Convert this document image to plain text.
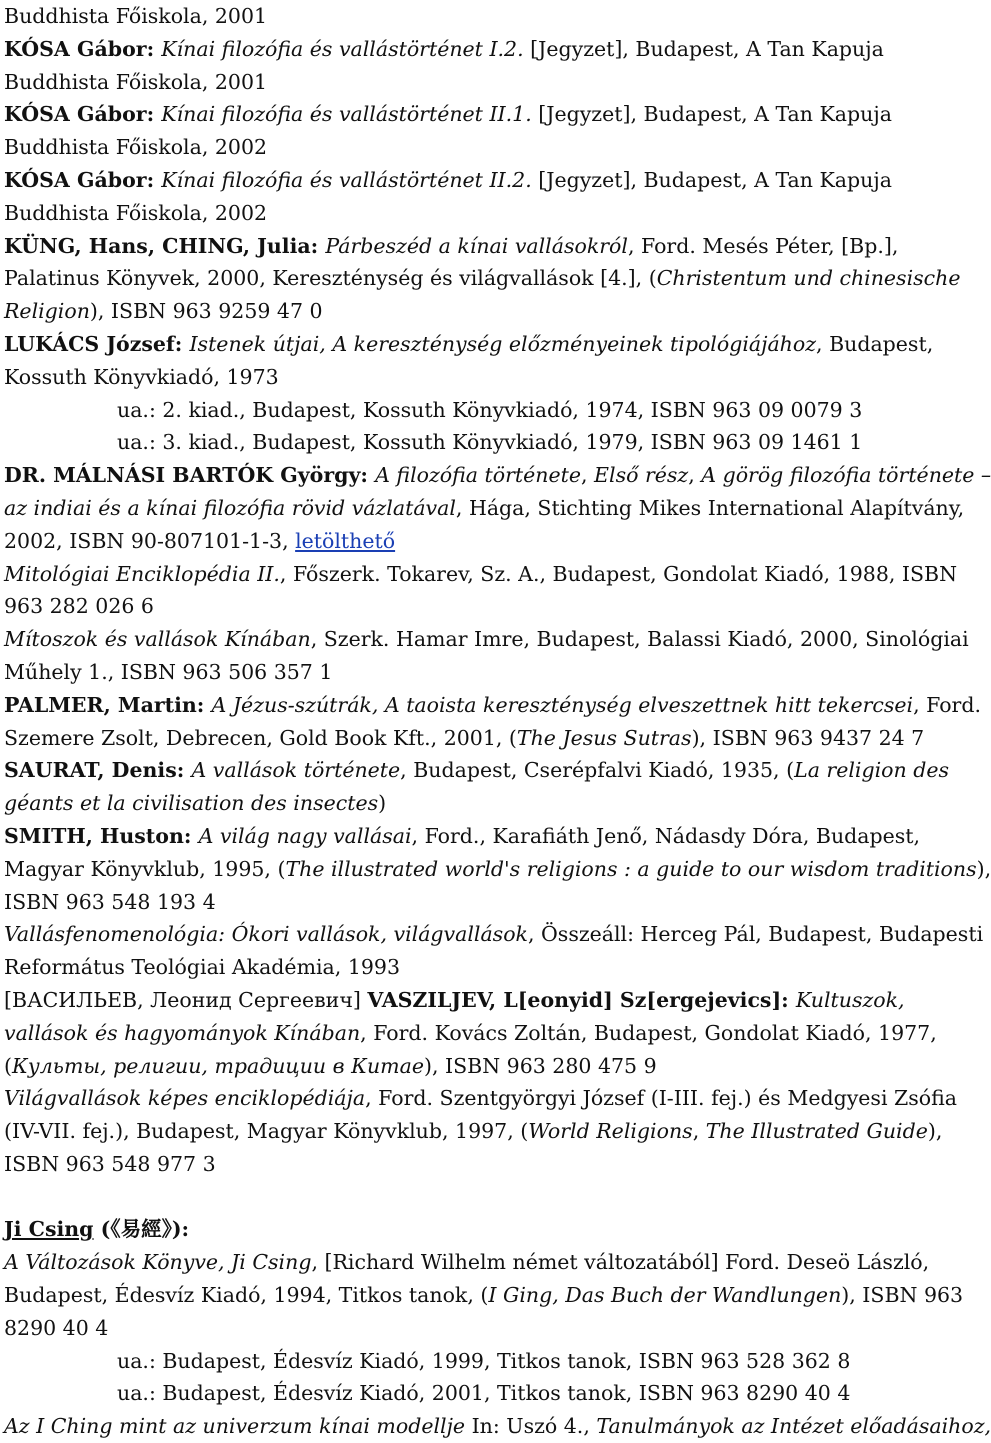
Buddhista Főiskola, 2001
KÓSA Gábor: Kínai filozófia és vallástörténet I.2. [Jegyzet], Budapest, A Tan Kapuja
Buddhista Főiskola, 2001
KÓSA Gábor: Kínai filozófia és vallástörténet II.1. [Jegyzet], Budapest, A Tan Kapuja
Buddhista Főiskola, 2002
KÓSA Gábor: Kínai filozófia és vallástörténet II.2. [Jegyzet], Budapest, A Tan Kapuja
Buddhista Főiskola, 2002
KÜNG, Hans, CHING, Julia: Párbeszéd a kínai vallásokról, Ford. Mesés Péter, [Bp.],
Palatinus Könyvek, 2000, Kereszténység és világvallások [4.], (Christentum und chinesische
Religion), ISBN 963 9259 47 0
LUKÁCS József: Istenek útjai, A kereszténység előzményeinek tipológiájához, Budapest,
Kossuth Könyvkiadó, 1973
ua.: 2. kiad., Budapest, Kossuth Könyvkiadó, 1974, ISBN 963 09 0079 3
ua.: 3. kiad., Budapest, Kossuth Könyvkiadó, 1979, ISBN 963 09 1461 1
DR. MÁLNÁSI BARTÓK György: A filozófia története, Első rész, A görög filozófia története –
az indiai és a kínai filozófia rövid vázlatával, Hága, Stichting Mikes International Alapítvány,
2002, ISBN 90-807101-1-3, letölthető
Mitológiai Enciklopédia II., Főszerk. Tokarev, Sz. A., Budapest, Gondolat Kiadó, 1988, ISBN
963 282 026 6
Mítoszok és vallások Kínában, Szerk. Hamar Imre, Budapest, Balassi Kiadó, 2000, Sinológiai
Műhely 1., ISBN 963 506 357 1
PALMER, Martin: A Jézus-szútrák, A taoista kereszténység elveszettnek hitt tekercsei, Ford.
Szemere Zsolt, Debrecen, Gold Book Kft., 2001, (The Jesus Sutras), ISBN 963 9437 24 7
SAURAT, Denis: A vallások története, Budapest, Cserépfalvi Kiadó, 1935, (La religion des
géants et la civilisation des insectes)
SMITH, Huston: A világ nagy vallásai, Ford., Karafiáth Jenő, Nádasdy Dóra, Budapest,
Magyar Könyvklub, 1995, (The illustrated world's religions : a guide to our wisdom traditions),
ISBN 963 548 193 4
Vallásfenomenológia: Ókori vallások, világvallások, Összeáll: Herceg Pál, Budapest, Budapesti
Református Teológiai Akadémia, 1993
[ВАСИЛЬЕВ, Леонид Сергеевич] VASZILJEV, L[eonyid] Sz[ergejevics]: Kultuszok,
vallások és hagyományok Kínában, Ford. Kovács Zoltán, Budapest, Gondolat Kiadó, 1977,
(Культы, религии, традиции в Китае), ISBN 963 280 475 9
Világvallások képes enciklopédiája, Ford. Szentgyörgyi József (I-III. fej.) és Medgyesi Zsófia
(IV-VII. fej.), Budapest, Magyar Könyvklub, 1997, (World Religions, The Illustrated Guide),
ISBN 963 548 977 3
Ji Csing (《易經》):
A Változások Könyve, Ji Csing, [Richard Wilhelm német változatából] Ford. Deseö László,
Budapest, Édesvíz Kiadó, 1994, Titkos tanok, (I Ging, Das Buch der Wandlungen), ISBN 963
8290 40 4
ua.: Budapest, Édesvíz Kiadó, 1999, Titkos tanok, ISBN 963 528 362 8
ua.: Budapest, Édesvíz Kiadó, 2001, Titkos tanok, ISBN 963 8290 40 4
Az I Ching mint az univerzum kínai modellje In: Uszó 4., Tanulmányok az Intézet előadásaihoz,
